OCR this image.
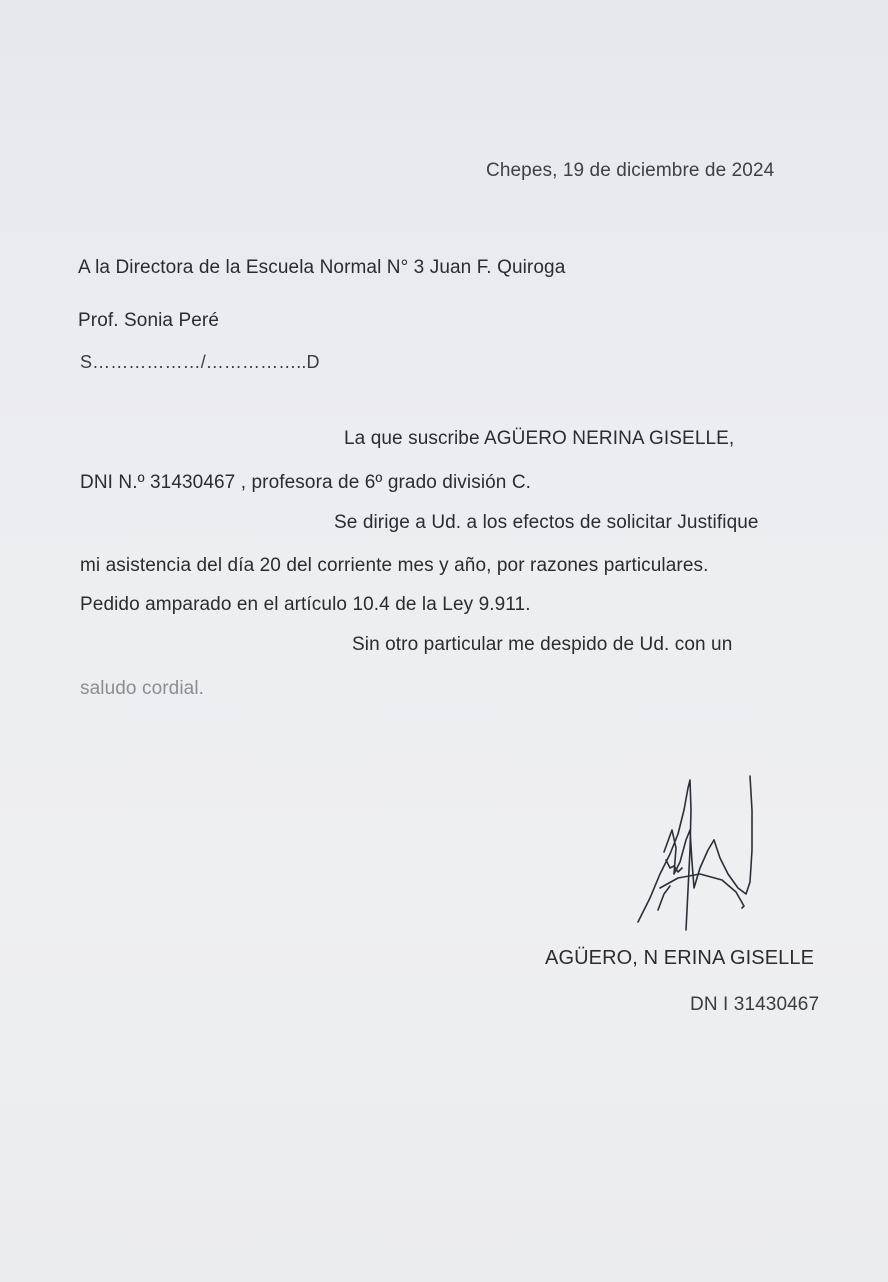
Chepes, 19 de diciembre de 2024
A la Directora de la Escuela Normal N° 3 Juan F. Quiroga
Prof. Sonia Peré
S………………/……………..D
La que suscribe AGÜERO NERINA GISELLE,
DNI N.º 31430467 , profesora de 6º grado división C.
Se dirige a Ud. a los efectos de solicitar Justifique
mi asistencia del día 20 del corriente mes y año, por razones particulares.
Pedido amparado en el artículo 10.4 de la Ley 9.911.
Sin otro particular me despido de Ud. con un
saludo cordial.
AGÜERO, N ERINA GISELLE
DN I 31430467
